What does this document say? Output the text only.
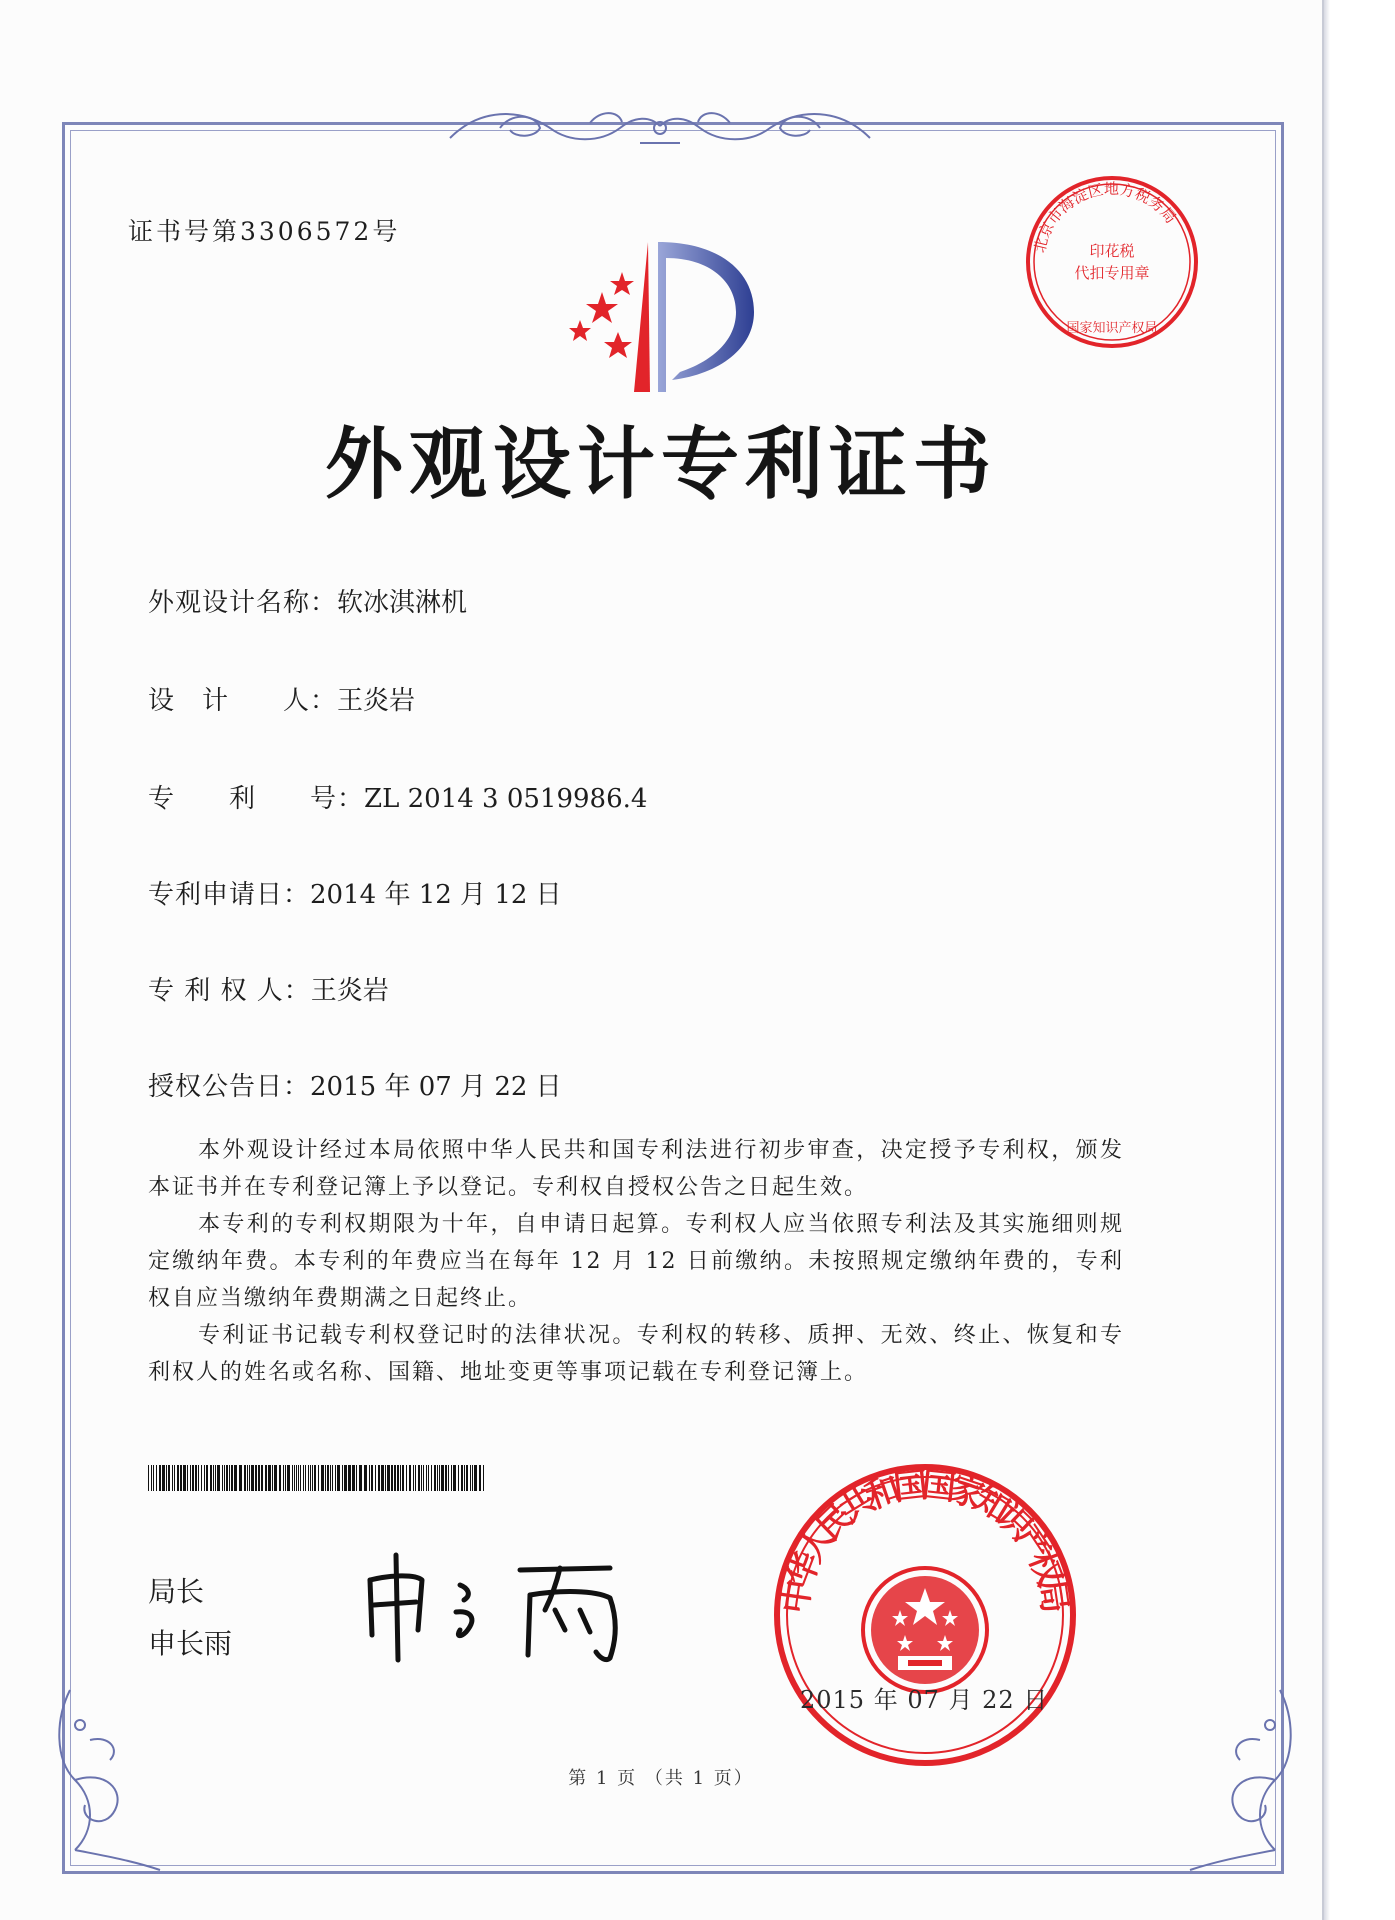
证书号第3306572号	北京市海淀区地方税务局
印花税
代扣专用章
国家知识产权局
外观设计专利证书
外观设计名称：软冰淇淋机
设　计　　人：王炎岩
专　　利　　号：ZL 2014 3 0519986.4
专利申请日：2014 年 12 月 12 日
专 利 权 人：王炎岩
授权公告日：2015 年 07 月 22 日

本外观设计经过本局依照中华人民共和国专利法进行初步审查，决定授予专利权，颁发本证书并在专利登记簿上予以登记。专利权自授权公告之日起生效。

本专利的专利权期限为十年，自申请日起算。专利权人应当依照专利法及其实施细则规定缴纳年费。本专利的年费应当在每年 12 月 12 日前缴纳。未按照规定缴纳年费的，专利权自应当缴纳年费期满之日起终止。

专利证书记载专利权登记时的法律状况。专利权的转移、质押、无效、终止、恢复和专利权人的姓名或名称、国籍、地址变更等事项记载在专利登记簿上。

局长
申长雨
中华人民共和国国家知识产权局
2015 年 07 月 22 日
第 1 页 （共 1 页）
